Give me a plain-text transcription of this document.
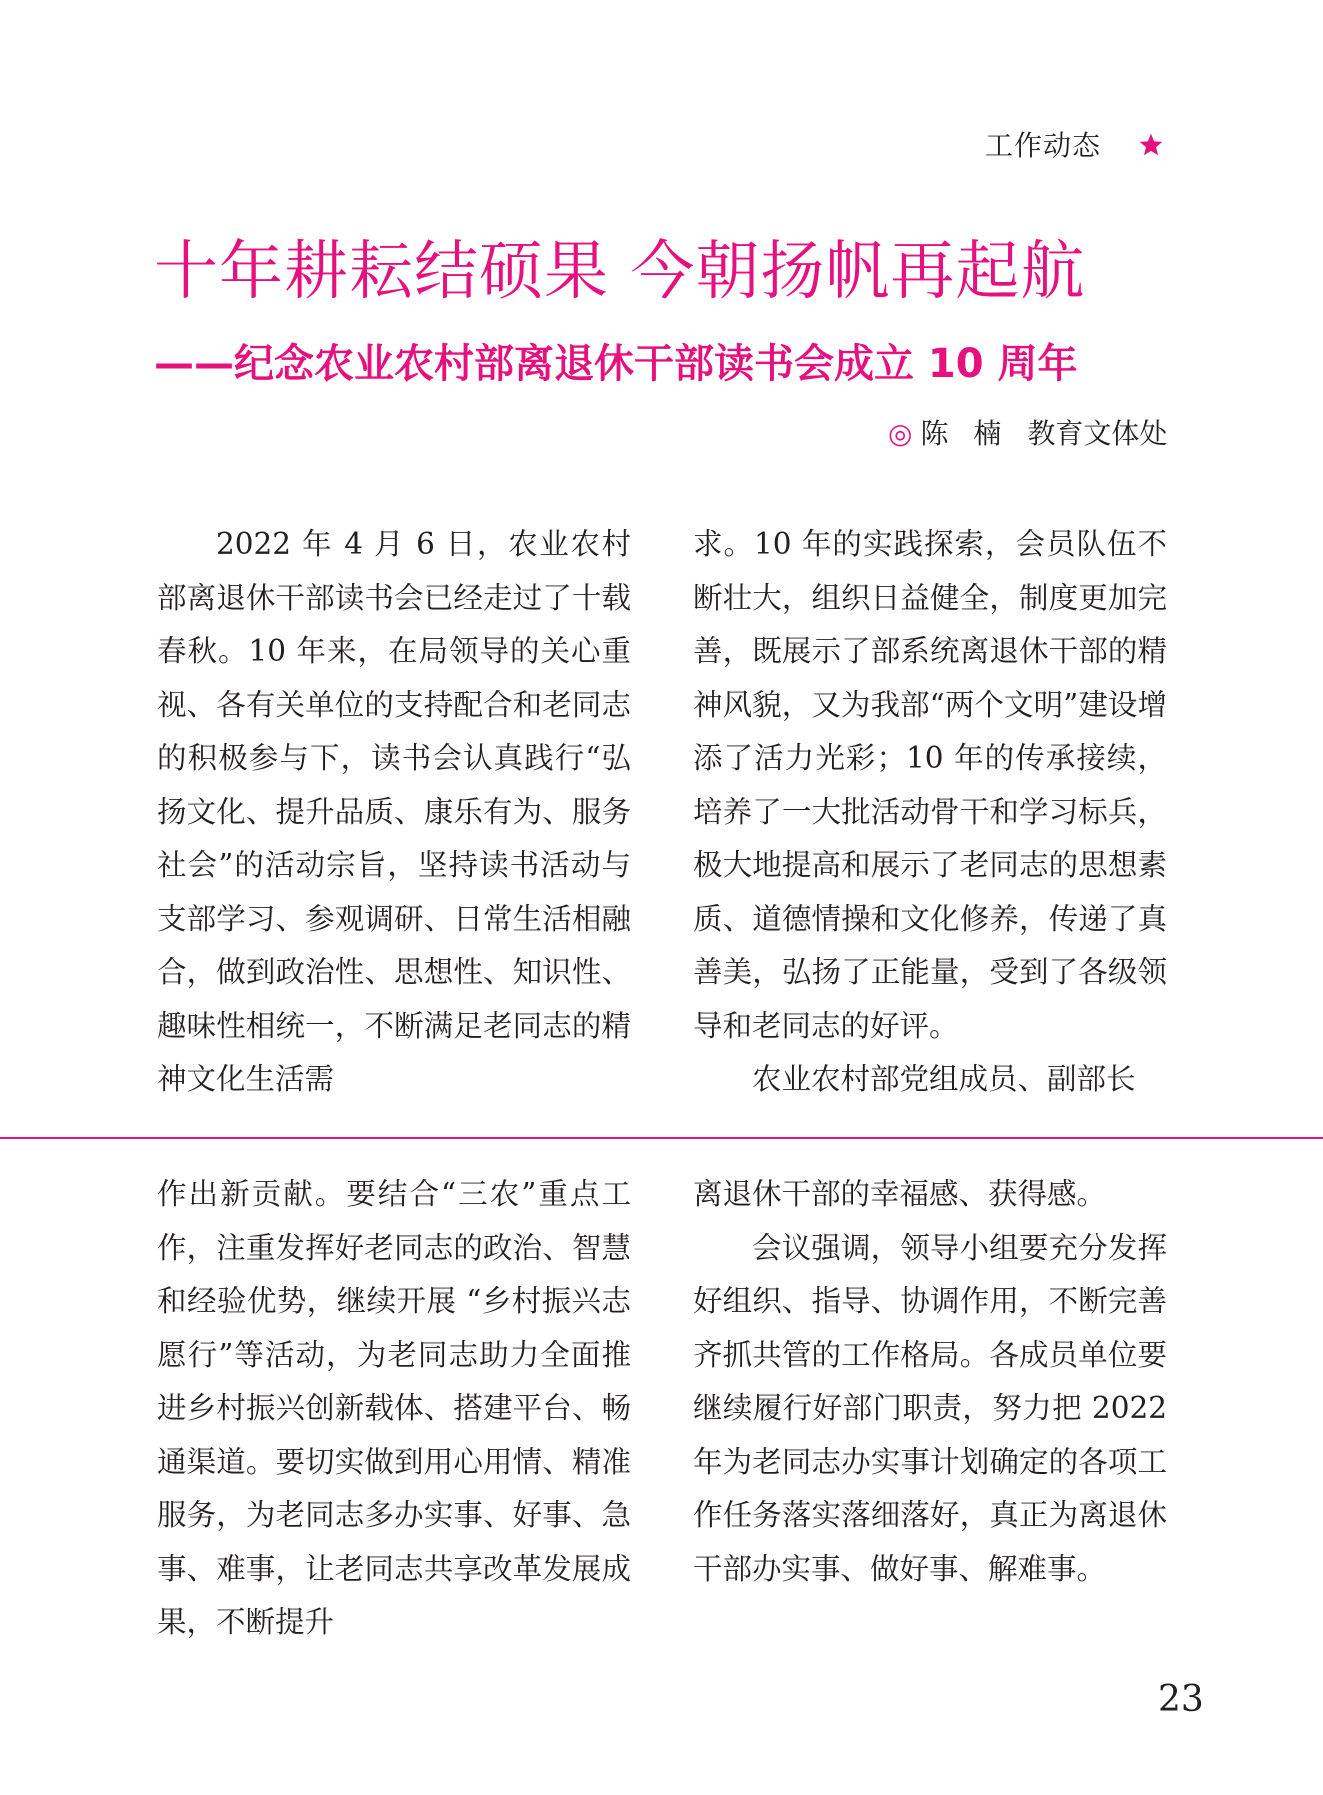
工作动态
十年耕耘结硕果 今朝扬帆再起航
——纪念农业农村部离退休干部读书会成立 10 周年
◎ 陈 楠 教育文体处

2022 年 4 月 6 日，农业农村部离退休干部读书会已经走过了十载春秋。10 年来，在局领导的关心重视、各有关单位的支持配合和老同志的积极参与下，读书会认真践行“弘扬文化、提升品质、康乐有为、服务社会”的活动宗旨，坚持读书活动与支部学习、参观调研、日常生活相融合，做到政治性、思想性、知识性、趣味性相统一，不断满足老同志的精神文化生活需

求。10 年的实践探索，会员队伍不断壮大，组织日益健全，制度更加完善，既展示了部系统离退休干部的精神风貌，又为我部“两个文明”建设增添了活力光彩；10 年的传承接续，培养了一大批活动骨干和学习标兵，极大地提高和展示了老同志的思想素质、道德情操和文化修养，传递了真善美，弘扬了正能量，受到了各级领导和老同志的好评。

农业农村部党组成员、副部长

作出新贡献。要结合“三农”重点工作，注重发挥好老同志的政治、智慧和经验优势，继续开展 “乡村振兴志愿行”等活动，为老同志助力全面推进乡村振兴创新载体、搭建平台、畅通渠道。要切实做到用心用情、精准服务，为老同志多办实事、好事、急事、难事，让老同志共享改革发展成果，不断提升

离退休干部的幸福感、获得感。

会议强调，领导小组要充分发挥好组织、指导、协调作用，不断完善齐抓共管的工作格局。各成员单位要继续履行好部门职责，努力把 2022 年为老同志办实事计划确定的各项工作任务落实落细落好，真正为离退休干部办实事、做好事、解难事。

23
